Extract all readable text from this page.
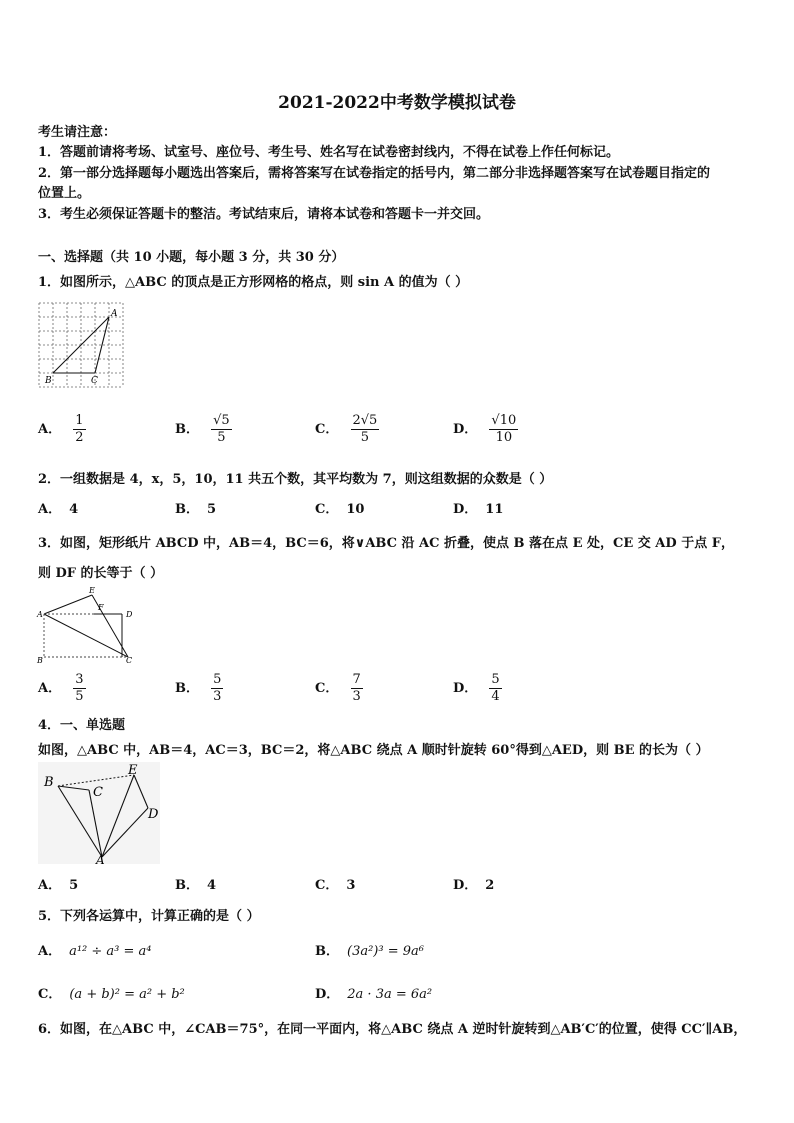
2021-2022中考数学模拟试卷
考生请注意：
1．答题前请将考场、试室号、座位号、考生号、姓名写在试卷密封线内，不得在试卷上作任何标记。
2．第一部分选择题每小题选出答案后，需将答案写在试卷指定的括号内，第二部分非选择题答案写在试卷题目指定的
位置上。
3．考生必须保证答题卡的整洁。考试结束后，请将本试卷和答题卡一并交回。
一、选择题（共 10 小题，每小题 3 分，共 30 分）
1．如图所示，△ABC 的顶点是正方形网格的格点，则 sin A 的值为（ ）
A
B	C
A． $\frac{1}{2}$	B． $\frac{√5}{5}$	C． $\frac{2√5}{5}$	D． $\frac{√10}{10}$
2．一组数据是 4，x，5，10，11 共五个数，其平均数为 7，则这组数据的众数是（ ）
A． 4	B． 5	C． 10	D． 11
3．如图，矩形纸片 ABCD 中，AB＝4，BC＝6，将∨ABC 沿 AC 折叠，使点 B 落在点 E 处，CE 交 AD 于点 F，
则 DF 的长等于（ ）
A
B	C
D
E
F
A． $\frac{3}{5}$	B． $\frac{5}{3}$	C． $\frac{7}{3}$	D． $\frac{5}{4}$
4．一、单选题
如图，△ABC 中，AB＝4，AC＝3，BC＝2，将△ABC 绕点 A 顺时针旋转 60°得到△AED，则 BE 的长为（ ）
B
C
E
D
A
A． 5	B． 4	C． 3	D． 2
5．下列各运算中，计算正确的是（ ）
A． a¹² ÷ a³ = a⁴	B． (3a²)³ = 9a⁶
C． (a + b)² = a² + b²	D． 2a · 3a = 6a²
6．如图，在△ABC 中，∠CAB＝75°，在同一平面内，将△ABC 绕点 A 逆时针旋转到△AB′C′的位置，使得 CC′∥AB，
